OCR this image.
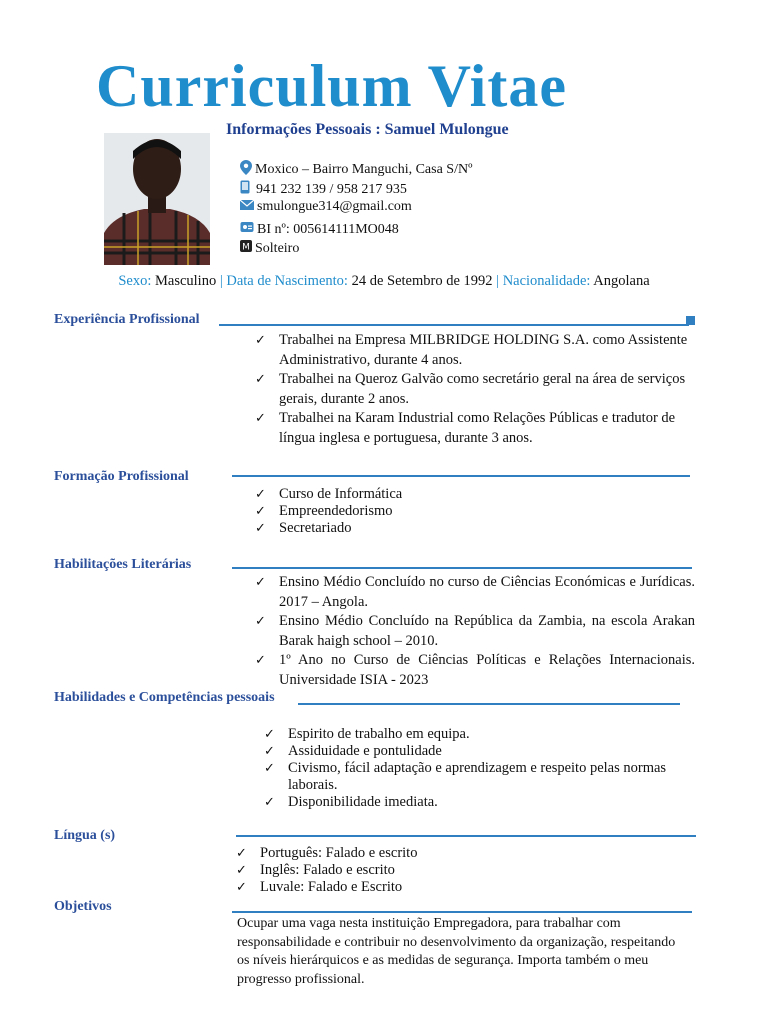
Curriculum Vitae
Informações Pessoais : Samuel Mulongue
Moxico – Bairro Manguchi, Casa S/Nº
941 232 139 / 958 217 935
smulongue314@gmail.com
BI nº: 005614111MO048
M Solteiro
Sexo: Masculino | Data de Nascimento: 24 de Setembro de 1992 | Nacionalidade: Angolana
Experiência Profissional
✓ Trabalhei na Empresa MILBRIDGE HOLDING S.A. como Assistente Administrativo, durante 4 anos.
✓ Trabalhei na Queroz Galvão como secretário geral na área de serviços gerais, durante 2 anos.
✓ Trabalhei na Karam Industrial como Relações Públicas e tradutor de língua inglesa e portuguesa, durante 3 anos.
Formação Profissional
✓ Curso de Informática
✓ Empreendedorismo
✓ Secretariado
Habilitações Literárias
✓ Ensino Médio Concluído no curso de Ciências Económicas e Jurídicas. 2017 – Angola.
✓ Ensino Médio Concluído na República da Zambia, na escola Arakan Barak haigh school – 2010.
✓ 1º Ano no Curso de Ciências Políticas e Relações Internacionais. Universidade ISIA - 2023
Habilidades e Competências pessoais
✓ Espirito de trabalho em equipa.
✓ Assiduidade e pontulidade
✓ Civismo, fácil adaptação e aprendizagem e respeito pelas normas laborais.
✓ Disponibilidade imediata.
Língua (s)
✓ Português: Falado e escrito
✓ Inglês: Falado e escrito
✓ Luvale: Falado e Escrito
Objetivos
Ocupar uma vaga nesta instituição Empregadora, para trabalhar com responsabilidade e contribuir no desenvolvimento da organização, respeitando os níveis hierárquicos e as medidas de segurança. Importa também o meu progresso profissional.
